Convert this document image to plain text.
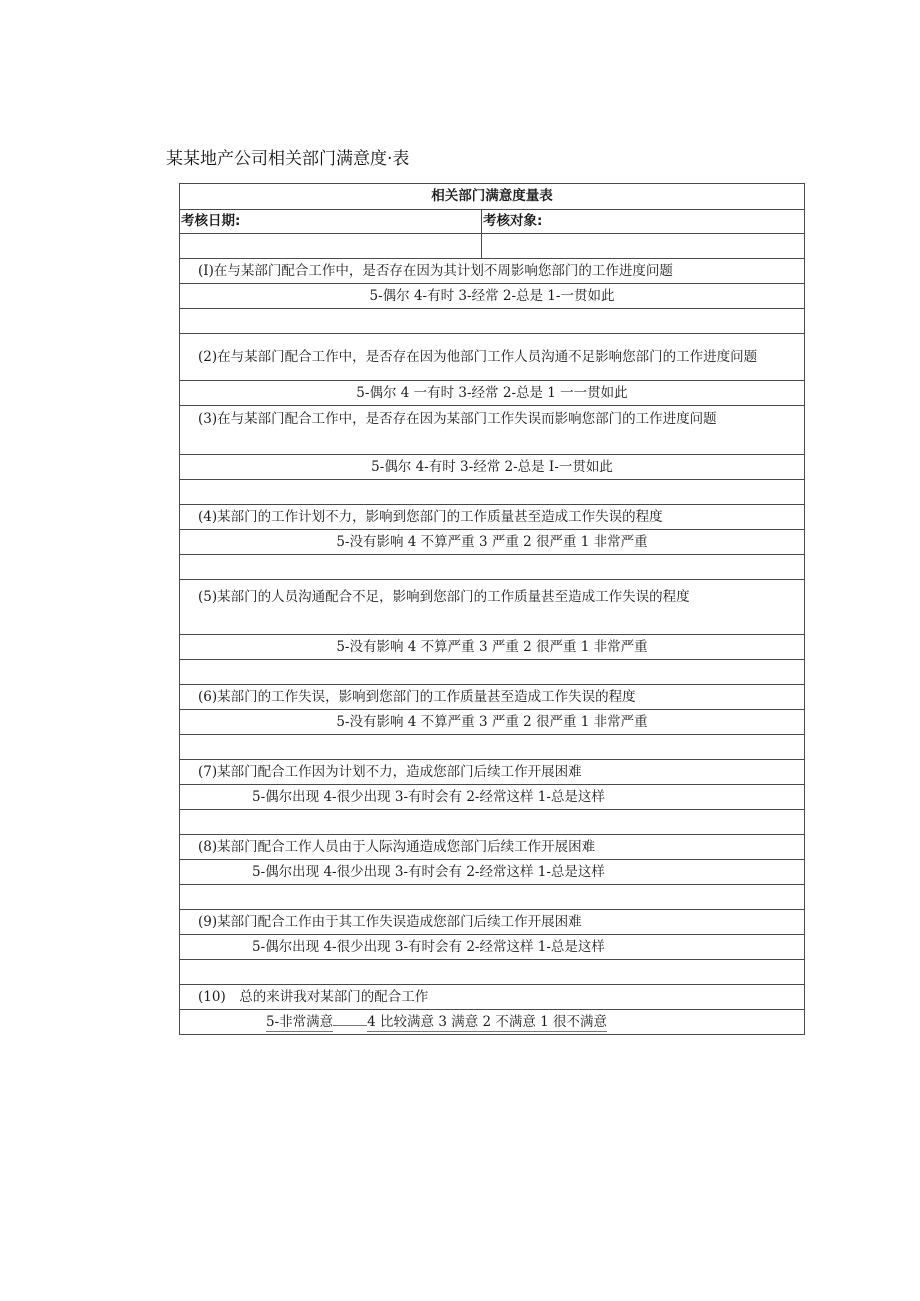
某某地产公司相关部门满意度·表
相关部门满意度量表	
考核日期:	考核对象:

(I)在与某部门配合工作中，是否存在因为其计划不周影响您部门的工作进度问题	
5-偶尔 4-有时 3-经常 2-总是 1-一贯如此	

(2)在与某部门配合工作中，是否存在因为他部门工作人员沟通不足影响您部门的工作进度问题	
5-偶尔 4 一有时 3-经常 2-总是 1 一一贯如此	
(3)在与某部门配合工作中，是否存在因为某部门工作失误而影响您部门的工作进度问题	
5-偶尔 4-有时 3-经常 2-总是 I-一贯如此	

(4)某部门的工作计划不力，影响到您部门的工作质量甚至造成工作失误的程度	
5-没有影响 4 不算严重 3 严重 2 很严重 1 非常严重	

(5)某部门的人员沟通配合不足，影响到您部门的工作质量甚至造成工作失误的程度	
5-没有影响 4 不算严重 3 严重 2 很严重 1 非常严重	

(6)某部门的工作失误，影响到您部门的工作质量甚至造成工作失误的程度	
5-没有影响 4 不算严重 3 严重 2 很严重 1 非常严重	

(7)某部门配合工作因为计划不力，造成您部门后续工作开展困难	
5-偶尔出现 4-很少出现 3-有时会有 2-经常这样 1-总是这样	

(8)某部门配合工作人员由于人际沟通造成您部门后续工作开展困难	
5-偶尔出现 4-很少出现 3-有时会有 2-经常这样 1-总是这样	

(9)某部门配合工作由于其工作失误造成您部门后续工作开展困难	
5-偶尔出现 4-很少出现 3-有时会有 2-经常这样 1-总是这样	

(10)　总的来讲我对某部门的配合工作	
5-非常满意 4 比较满意 3 满意 2 不满意 1 很不满意	
